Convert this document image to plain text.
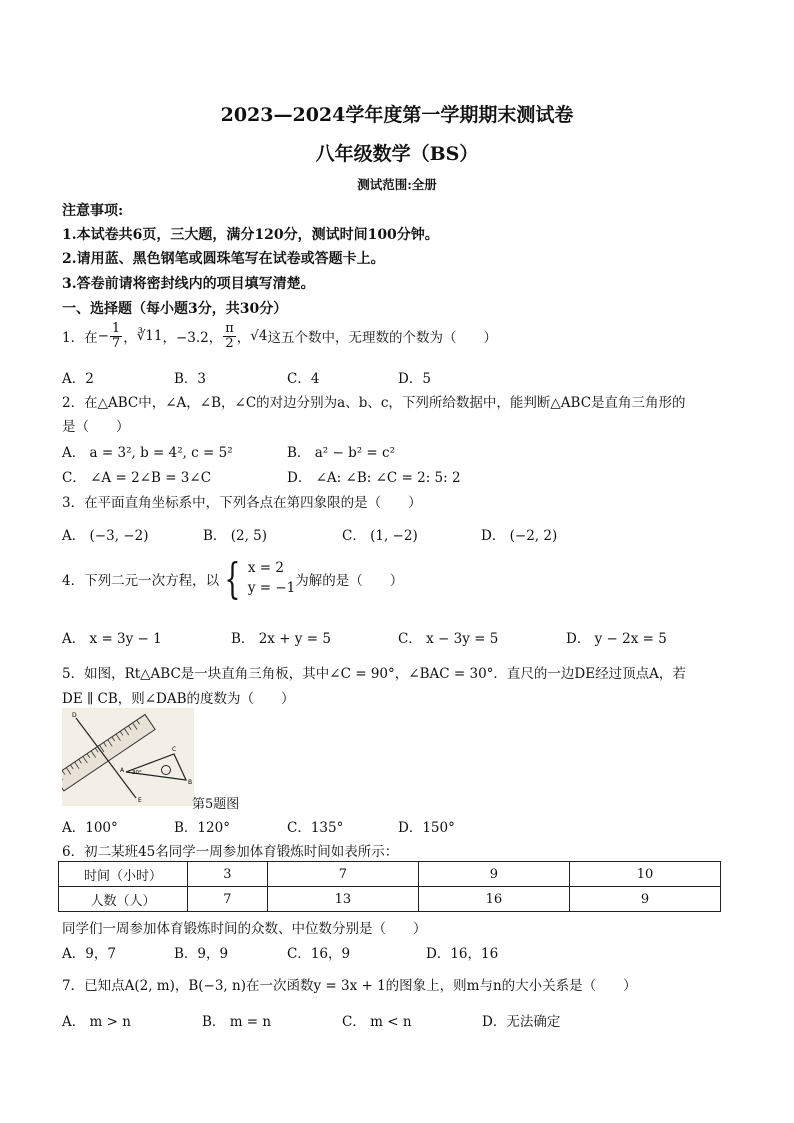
2023—2024学年度第一学期期末测试卷
八年级数学（BS）
测试范围:全册
注意事项:
1.本试卷共6页，三大题，满分120分，测试时间100分钟。
2.请用蓝、黑色钢笔或圆珠笔写在试卷或答题卡上。
3.答卷前请将密封线内的项目填写清楚。
一、选择题（每小题3分，共30分）
1．在 − $\frac{1}{7}$ ， ∛11 ，−3.2， $\frac{\pi}{2}$ ， √4 这五个数中，无理数的个数为（　　）
A．2	B．3	C．4	D．5
2．在△ABC中，∠A，∠B，∠C的对边分别为a、b、c，下列所给数据中，能判断△ABC是直角三角形的
是（　　）
A． a = 3², b = 4², c = 5²	B． a² − b² = c²
C． ∠A = 2∠B = 3∠C	D． ∠A: ∠B: ∠C = 2: 5: 2
3．在平面直角坐标系中，下列各点在第四象限的是（　　）
A． (−3, −2)	B． (2, 5)	C． (1, −2)	D． (−2, 2)
4．下列二元一次方程，以 { x = 2
y = −1 为解的是（　　）
A． x = 3y − 1	B． 2x + y = 5	C． x − 3y = 5	D． y − 2x = 5
5．如图，Rt△ABC是一块直角三角板，其中∠C = 90°，∠BAC = 30°．直尺的一边DE经过顶点A，若
DE ∥ CB，则∠DAB的度数为（　　）
D
E
A
B
C
30°
第5题图
A．100°	B．120°	C．135°	D．150°
6．初二某班45名同学一周参加体育锻炼时间如表所示：
时间（小时）	3	7	9	10
人数（人）	7	13	16	9
同学们一周参加体育锻炼时间的众数、中位数分别是（　　）
A．9，7	B．9，9	C．16，9	D．16，16
7．已知点A(2, m)，B(−3, n)在一次函数y = 3x + 1的图象上，则m与n的大小关系是（　　）
A． m > n	B． m = n	C． m < n	D．无法确定
